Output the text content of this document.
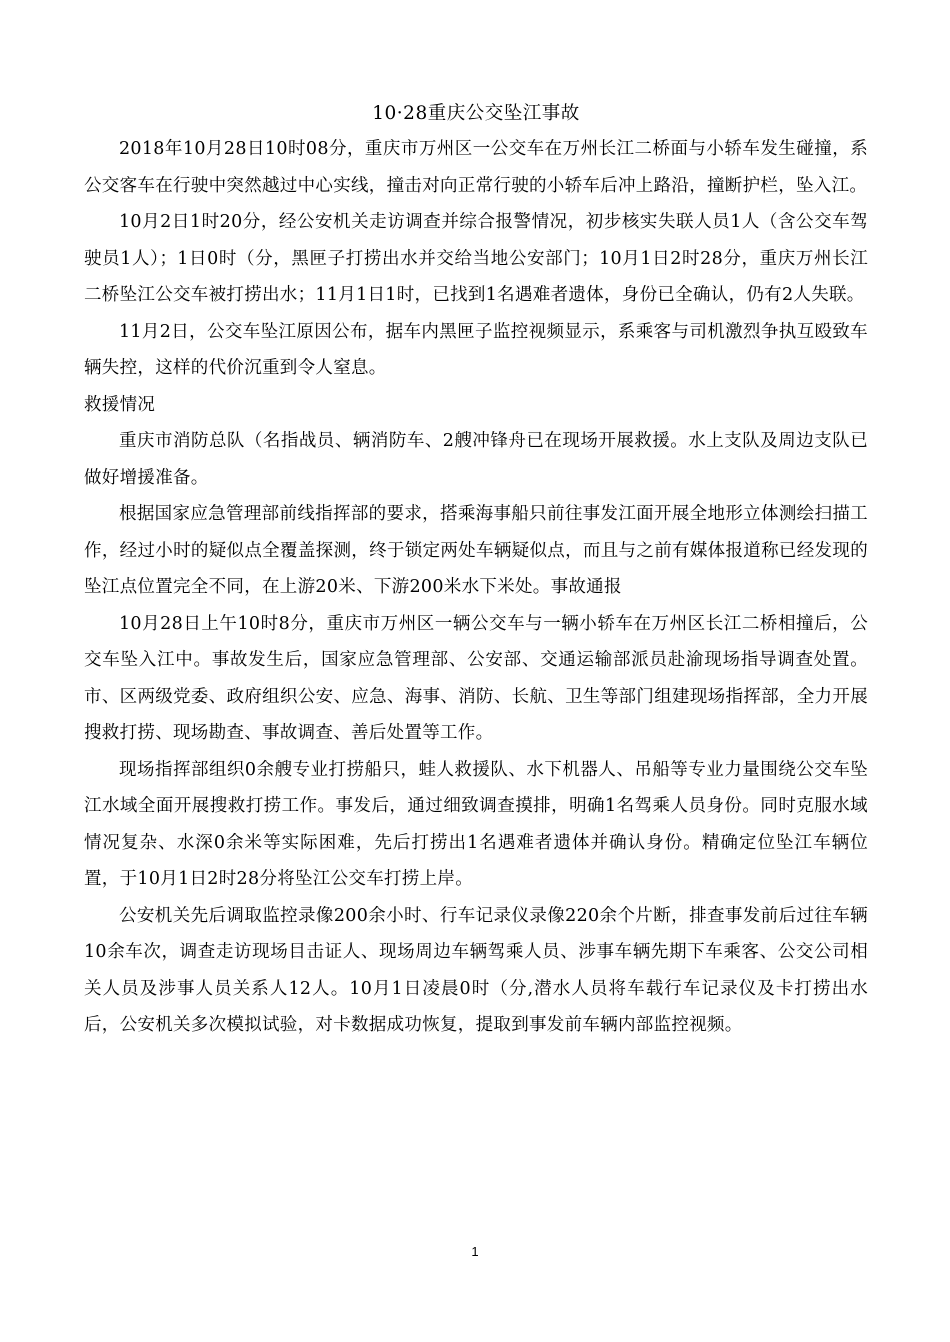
10·28重庆公交坠江事故

2018年10月28日10时08分，重庆市万州区一公交车在万州长江二桥面与小轿车发生碰撞，系公交客车在行驶中突然越过中心实线，撞击对向正常行驶的小轿车后冲上路沿，撞断护栏，坠入江。

10月2日1时20分，经公安机关走访调查并综合报警情况，初步核实失联人员1人（含公交车驾驶员1人）；1日0时（分，黑匣子打捞出水并交给当地公安部门；10月1日2时28分，重庆万州长江二桥坠江公交车被打捞出水；11月1日1时，已找到1名遇难者遗体，身份已全确认，仍有2人失联。

11月2日，公交车坠江原因公布，据车内黑匣子监控视频显示，系乘客与司机激烈争执互殴致车辆失控，这样的代价沉重到令人窒息。

救援情况

重庆市消防总队（名指战员、辆消防车、2艘冲锋舟已在现场开展救援。水上支队及周边支队已做好增援准备。

根据国家应急管理部前线指挥部的要求，搭乘海事船只前往事发江面开展全地形立体测绘扫描工作，经过小时的疑似点全覆盖探测，终于锁定两处车辆疑似点，而且与之前有媒体报道称已经发现的坠江点位置完全不同，在上游20米、下游200米水下米处。事故通报

10月28日上午10时8分，重庆市万州区一辆公交车与一辆小轿车在万州区长江二桥相撞后，公交车坠入江中。事故发生后，国家应急管理部、公安部、交通运输部派员赴渝现场指导调查处置。市、区两级党委、政府组织公安、应急、海事、消防、长航、卫生等部门组建现场指挥部，全力开展搜救打捞、现场勘查、事故调查、善后处置等工作。

现场指挥部组织0余艘专业打捞船只，蛙人救援队、水下机器人、吊船等专业力量围绕公交车坠江水域全面开展搜救打捞工作。事发后，通过细致调查摸排，明确1名驾乘人员身份。同时克服水域情况复杂、水深0余米等实际困难，先后打捞出1名遇难者遗体并确认身份。精确定位坠江车辆位置，于10月1日2时28分将坠江公交车打捞上岸。

公安机关先后调取监控录像200余小时、行车记录仪录像220余个片断，排查事发前后过往车辆10余车次，调查走访现场目击证人、现场周边车辆驾乘人员、涉事车辆先期下车乘客、公交公司相关人员及涉事人员关系人12人。10月1日凌晨0时（分,潜水人员将车载行车记录仪及卡打捞出水后，公安机关多次模拟试验，对卡数据成功恢复，提取到事发前车辆内部监控视频。

1
